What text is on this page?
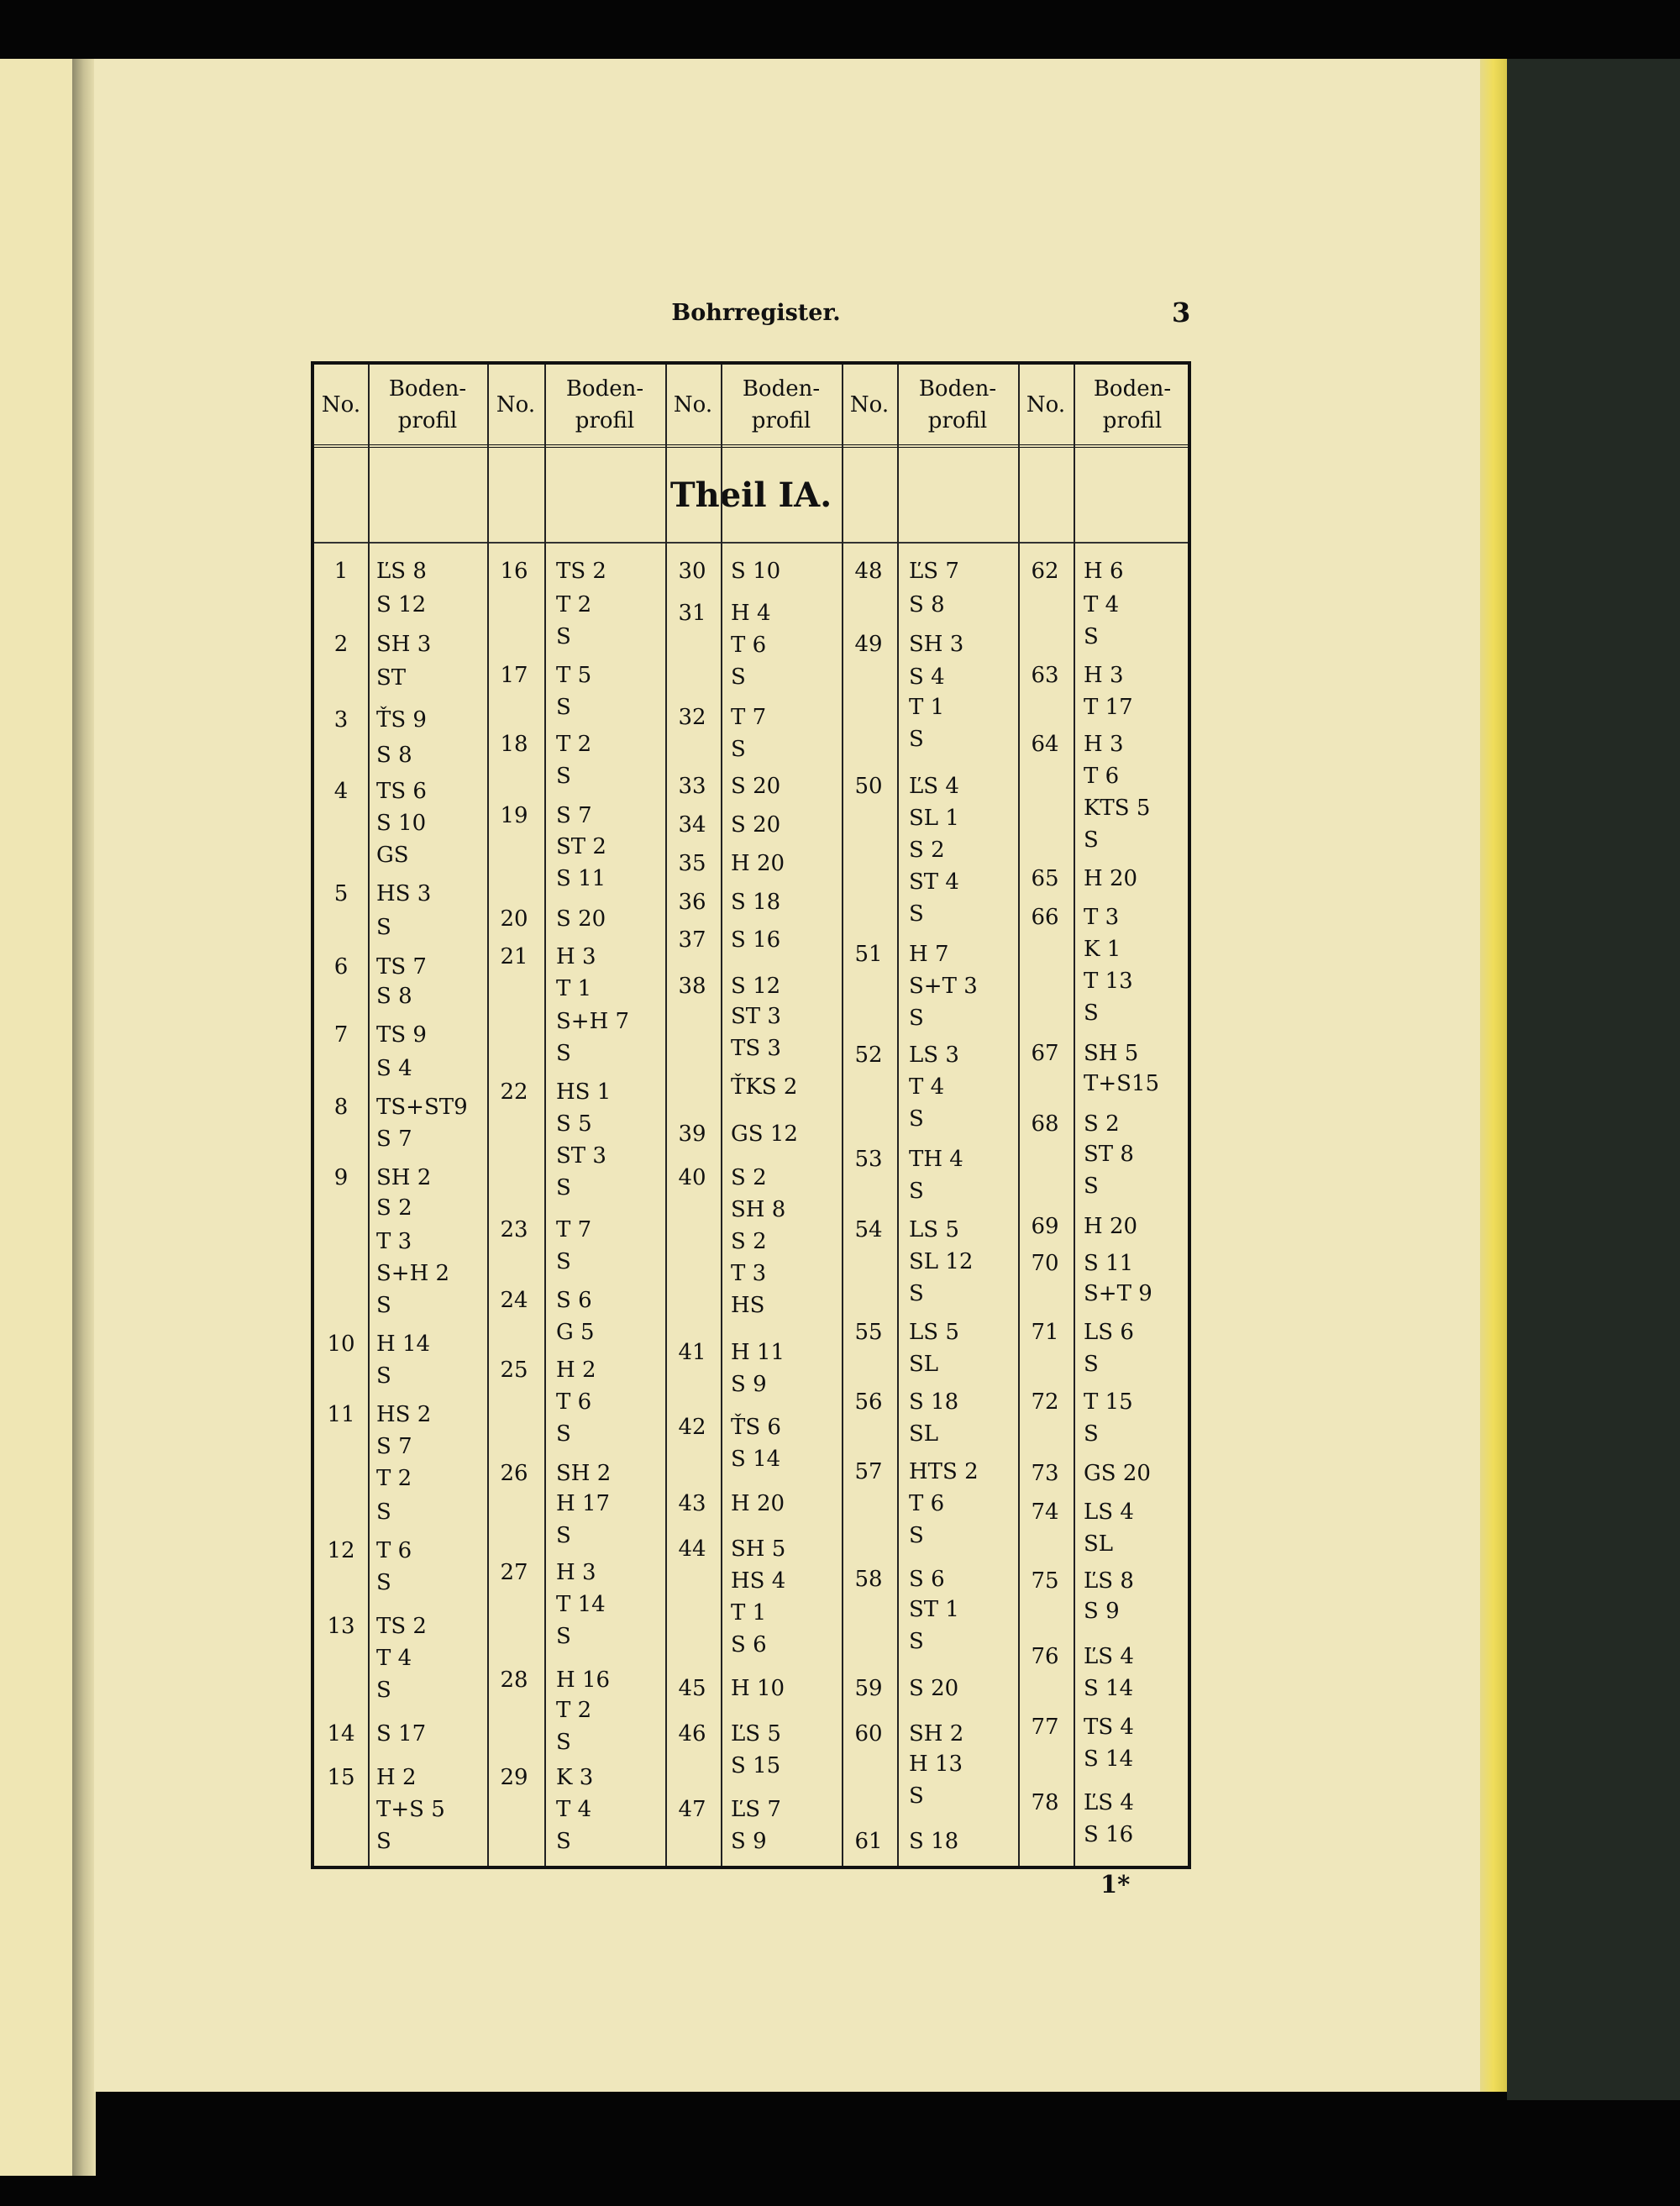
Bohrregister.	3
No.
Boden-
profil
No.
Boden-
profil
No.
Boden-
profil
No.
Boden-
profil
No.
Boden-
profil
Theil IA.
1
2
3
4
5
6
7
8
9
10
11
12
13
14
15
ĽS 8
S 12
SH 3
ST
ŤS 9
S 8
TS 6
S 10
GS
HS 3
S
TS 7
S 8
TS 9
S 4
TS+ST9
S 7
SH 2
S 2
T 3
S+H 2
S
H 14
S
HS 2
S 7
T 2
S
T 6
S
TS 2
T 4
S
S 17
H 2
T+S 5
S
16
17
18
19
20
21
22
23
24
25
26
27
28
29
TS 2
T 2
S
T 5
S
T 2
S
S 7
ST 2
S 11
S 20
H 3
T 1
S+H 7
S
HS 1
S 5
ST 3
S
T 7
S
S 6
G 5
H 2
T 6
S
SH 2
H 17
S
H 3
T 14
S
H 16
T 2
S
K 3
T 4
S
30
31
32
33
34
35
36
37
38
39
40
41
42
43
44
45
46
47
S 10
H 4
T 6
S
T 7
S
S 20
S 20
H 20
S 18
S 16
S 12
ST 3
TS 3
ŤKS 2
GS 12
S 2
SH 8
S 2
T 3
HS
H 11
S 9
ŤS 6
S 14
H 20
SH 5
HS 4
T 1
S 6
H 10
ĽS 5
S 15
ĽS 7
S 9
48
49
50
51
52
53
54
55
56
57
58
59
60
61
ĽS 7
S 8
SH 3
S 4
T 1
S
ĽS 4
SL 1
S 2
ST 4
S
H 7
S+T 3
S
LS 3
T 4
S
TH 4
S
LS 5
SL 12
S
LS 5
SL
S 18
SL
HTS 2
T 6
S
S 6
ST 1
S
S 20
SH 2
H 13
S
S 18
62
63
64
65
66
67
68
69
70
71
72
73
74
75
76
77
78
H 6
T 4
S
H 3
T 17
H 3
T 6
KTS 5
S
H 20
T 3
K 1
T 13
S
SH 5
T+S15
S 2
ST 8
S
H 20
S 11
S+T 9
LS 6
S
T 15
S
GS 20
LS 4
SL
ĽS 8
S 9
ĽS 4
S 14
TS 4
S 14
ĽS 4
S 16
1*
